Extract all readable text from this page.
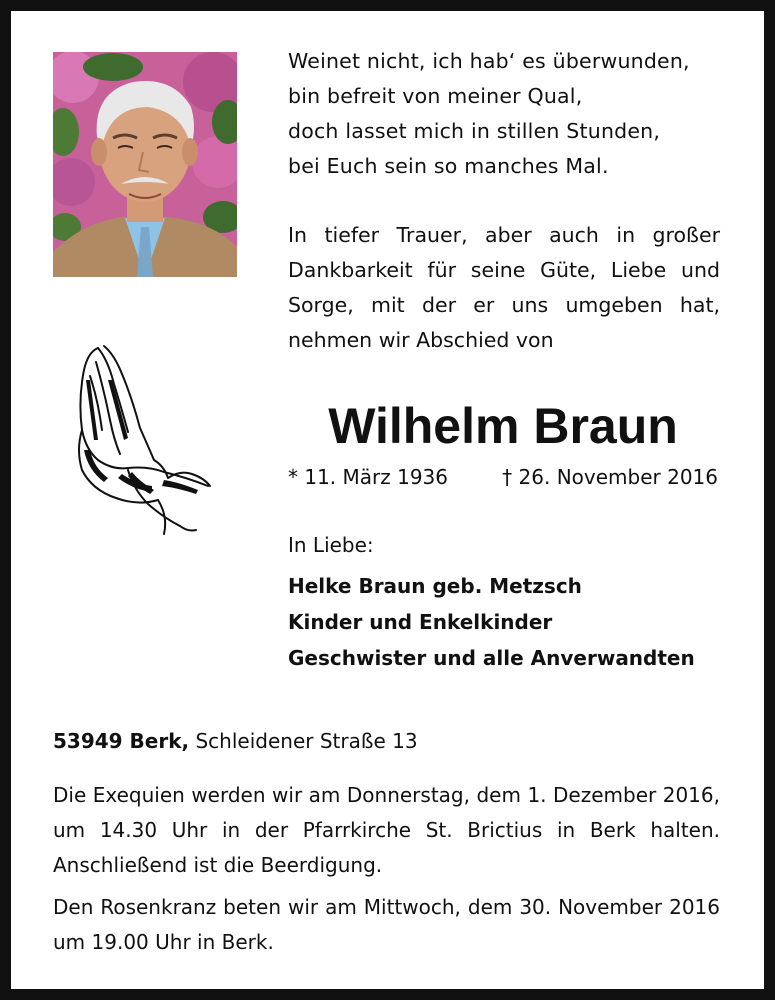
Weinet nicht, ich hab‘ es überwunden,
bin befreit von meiner Qual,
doch lasset mich in stillen Stunden,
bei Euch sein so manches Mal.
In tiefer Trauer, aber auch in großer Dankbarkeit für seine Güte, Liebe und Sorge, mit der er uns umgeben hat, nehmen wir Abschied von
Wilhelm Braun
* 11. März 1936	† 26. November 2016
In Liebe:
Helke Braun geb. Metzsch
Kinder und Enkelkinder
Geschwister und alle Anverwandten
53949 Berk, Schleidener Straße 13
Die Exequien werden wir am Donnerstag, dem 1. Dezember 2016, um 14.30 Uhr in der Pfarrkirche St. Brictius in Berk halten. Anschließend ist die Beerdigung.
Den Rosenkranz beten wir am Mittwoch, dem 30. November 2016 um 19.00 Uhr in Berk.
